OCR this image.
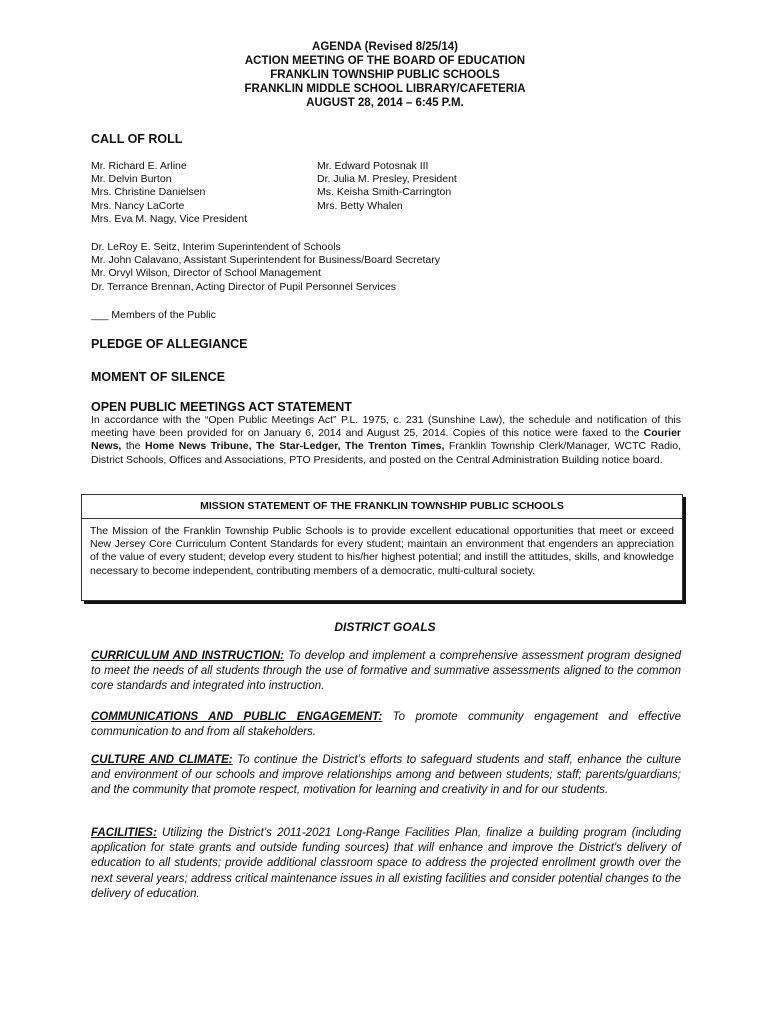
AGENDA (Revised 8/25/14)
ACTION MEETING OF THE BOARD OF EDUCATION
FRANKLIN TOWNSHIP PUBLIC SCHOOLS
FRANKLIN MIDDLE SCHOOL LIBRARY/CAFETERIA
AUGUST 28, 2014 – 6:45 P.M.
CALL OF ROLL
Mr. Richard E. Arline
Mr. Delvin Burton
Mrs. Christine Danielsen
Mrs. Nancy LaCorte
Mrs. Eva M. Nagy, Vice President
Mr. Edward Potosnak III
Dr. Julia M. Presley, President
Ms. Keisha Smith-Carrington
Mrs. Betty Whalen
Dr. LeRoy E. Seitz, Interim Superintendent of Schools
Mr. John Calavano, Assistant Superintendent for Business/Board Secretary
Mr. Orvyl Wilson, Director of School Management
Dr. Terrance Brennan, Acting Director of Pupil Personnel Services
___ Members of the Public
PLEDGE OF ALLEGIANCE
MOMENT OF SILENCE
OPEN PUBLIC MEETINGS ACT STATEMENT
In accordance with the “Open Public Meetings Act” P.L. 1975, c. 231 (Sunshine Law), the schedule and notification of this meeting have been provided for on January 6, 2014 and August 25, 2014. Copies of this notice were faxed to the Courier News, the Home News Tribune, The Star-Ledger, The Trenton Times, Franklin Township Clerk/Manager, WCTC Radio, District Schools, Offices and Associations, PTO Presidents, and posted on the Central Administration Building notice board.
MISSION STATEMENT OF THE FRANKLIN TOWNSHIP PUBLIC SCHOOLS
The Mission of the Franklin Township Public Schools is to provide excellent educational opportunities that meet or exceed New Jersey Core Curriculum Content Standards for every student; maintain an environment that engenders an appreciation of the value of every student; develop every student to his/her highest potential; and instill the attitudes, skills, and knowledge necessary to become independent, contributing members of a democratic, multi-cultural society.
DISTRICT GOALS
CURRICULUM AND INSTRUCTION: To develop and implement a comprehensive assessment program designed to meet the needs of all students through the use of formative and summative assessments aligned to the common core standards and integrated into instruction.
COMMUNICATIONS AND PUBLIC ENGAGEMENT: To promote community engagement and effective communication to and from all stakeholders.
CULTURE AND CLIMATE: To continue the District’s efforts to safeguard students and staff, enhance the culture and environment of our schools and improve relationships among and between students; staff; parents/guardians; and the community that promote respect, motivation for learning and creativity in and for our students.
FACILITIES: Utilizing the District’s 2011-2021 Long-Range Facilities Plan, finalize a building program (including application for state grants and outside funding sources) that will enhance and improve the District's delivery of education to all students; provide additional classroom space to address the projected enrollment growth over the next several years; address critical maintenance issues in all existing facilities and consider potential changes to the delivery of education.
